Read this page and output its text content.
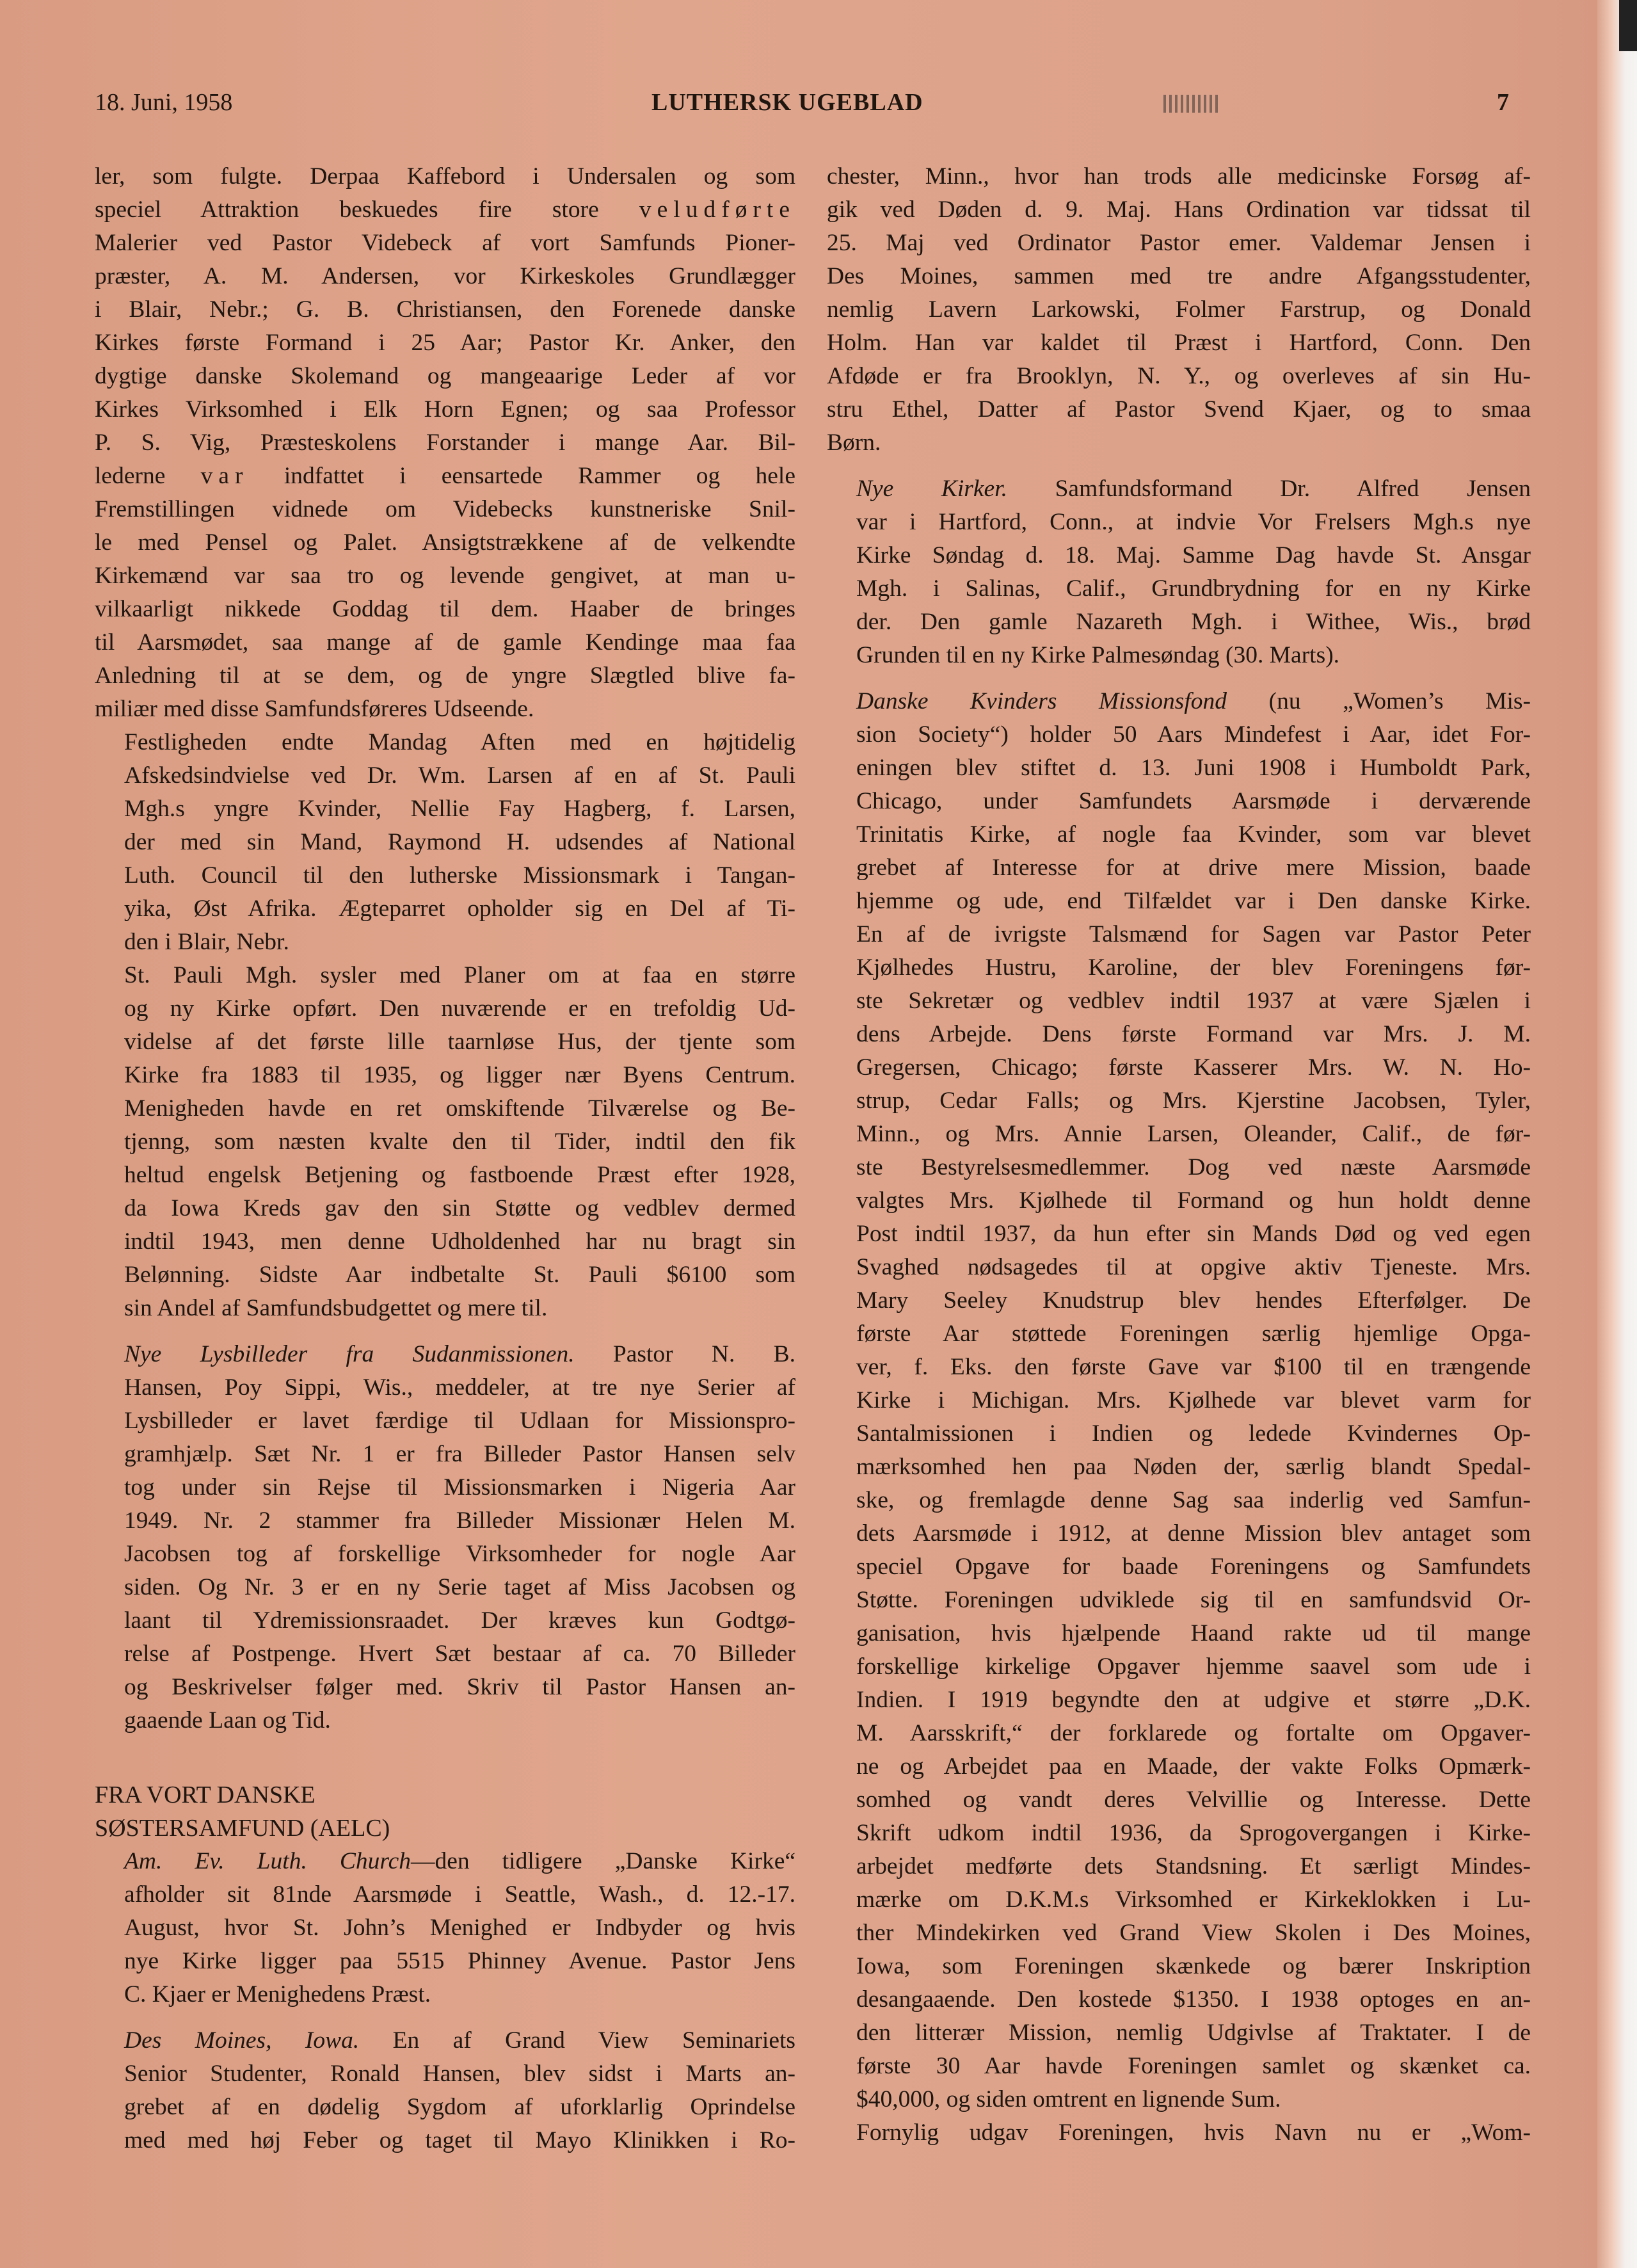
18. Juni, 1958	LUTHERSK UGEBLAD	7

ler, som fulgte. Derpaa Kaffebord i Undersalen og som
speciel Attraktion beskuedes fire store veludførte
Malerier ved Pastor Videbeck af vort Samfunds Pioner-
præster, A. M. Andersen, vor Kirkeskoles Grundlægger
i Blair, Nebr.; G. B. Christiansen, den Forenede danske
Kirkes første Formand i 25 Aar; Pastor Kr. Anker, den
dygtige danske Skolemand og mangeaarige Leder af vor
Kirkes Virksomhed i Elk Horn Egnen; og saa Professor
P. S. Vig, Præsteskolens Forstander i mange Aar. Bil-
lederne var indfattet i eensartede Rammer og hele
Fremstillingen vidnede om Videbecks kunstneriske Snil-
le med Pensel og Palet. Ansigtstrækkene af de velkendte
Kirkemænd var saa tro og levende gengivet, at man u-
vilkaarligt nikkede Goddag til dem. Haaber de bringes
til Aarsmødet, saa mange af de gamle Kendinge maa faa
Anledning til at se dem, og de yngre Slægtled blive fa-
miliær med disse Samfundsføreres Udseende.

Festligheden endte Mandag Aften med en højtidelig
Afskedsindvielse ved Dr. Wm. Larsen af en af St. Pauli
Mgh.s yngre Kvinder, Nellie Fay Hagberg, f. Larsen,
der med sin Mand, Raymond H. udsendes af National
Luth. Council til den lutherske Missionsmark i Tangan-
yika, Øst Afrika. Ægteparret opholder sig en Del af Ti-
den i Blair, Nebr.

St. Pauli Mgh. sysler med Planer om at faa en større
og ny Kirke opført. Den nuværende er en trefoldig Ud-
videlse af det første lille taarnløse Hus, der tjente som
Kirke fra 1883 til 1935, og ligger nær Byens Centrum.
Menigheden havde en ret omskiftende Tilværelse og Be-
tjenng, som næsten kvalte den til Tider, indtil den fik
heltud engelsk Betjening og fastboende Præst efter 1928,
da Iowa Kreds gav den sin Støtte og vedblev dermed
indtil 1943, men denne Udholdenhed har nu bragt sin
Belønning. Sidste Aar indbetalte St. Pauli $6100 som
sin Andel af Samfundsbudgettet og mere til.

Nye Lysbilleder fra Sudanmissionen. Pastor N. B.
Hansen, Poy Sippi, Wis., meddeler, at tre nye Serier af
Lysbilleder er lavet færdige til Udlaan for Missionspro-
gramhjælp. Sæt Nr. 1 er fra Billeder Pastor Hansen selv
tog under sin Rejse til Missionsmarken i Nigeria Aar
1949. Nr. 2 stammer fra Billeder Missionær Helen M.
Jacobsen tog af forskellige Virksomheder for nogle Aar
siden. Og Nr. 3 er en ny Serie taget af Miss Jacobsen og
laant til Ydremissionsraadet. Der kræves kun Godtgø-
relse af Postpenge. Hvert Sæt bestaar af ca. 70 Billeder
og Beskrivelser følger med. Skriv til Pastor Hansen an-
gaaende Laan og Tid.

FRA VORT DANSKE
SØSTERSAMFUND (AELC)

Am. Ev. Luth. Church—den tidligere „Danske Kirke“
afholder sit 81nde Aarsmøde i Seattle, Wash., d. 12.-17.
August, hvor St. John’s Menighed er Indbyder og hvis
nye Kirke ligger paa 5515 Phinney Avenue. Pastor Jens
C. Kjaer er Menighedens Præst.

Des Moines, Iowa. En af Grand View Seminariets
Senior Studenter, Ronald Hansen, blev sidst i Marts an-
grebet af en dødelig Sygdom af uforklarlig Oprindelse
med med høj Feber og taget til Mayo Klinikken i Ro-

chester, Minn., hvor han trods alle medicinske Forsøg af-
gik ved Døden d. 9. Maj. Hans Ordination var tidssat til
25. Maj ved Ordinator Pastor emer. Valdemar Jensen i
Des Moines, sammen med tre andre Afgangsstudenter,
nemlig Lavern Larkowski, Folmer Farstrup, og Donald
Holm. Han var kaldet til Præst i Hartford, Conn. Den
Afdøde er fra Brooklyn, N. Y., og overleves af sin Hu-
stru Ethel, Datter af Pastor Svend Kjaer, og to smaa
Børn.

Nye Kirker. Samfundsformand Dr. Alfred Jensen
var i Hartford, Conn., at indvie Vor Frelsers Mgh.s nye
Kirke Søndag d. 18. Maj. Samme Dag havde St. Ansgar
Mgh. i Salinas, Calif., Grundbrydning for en ny Kirke
der. Den gamle Nazareth Mgh. i Withee, Wis., brød
Grunden til en ny Kirke Palmesøndag (30. Marts).

Danske Kvinders Missionsfond (nu „Women’s Mis-
sion Society“) holder 50 Aars Mindefest i Aar, idet For-
eningen blev stiftet d. 13. Juni 1908 i Humboldt Park,
Chicago, under Samfundets Aarsmøde i derværende
Trinitatis Kirke, af nogle faa Kvinder, som var blevet
grebet af Interesse for at drive mere Mission, baade
hjemme og ude, end Tilfældet var i Den danske Kirke.
En af de ivrigste Talsmænd for Sagen var Pastor Peter
Kjølhedes Hustru, Karoline, der blev Foreningens før-
ste Sekretær og vedblev indtil 1937 at være Sjælen i
dens Arbejde. Dens første Formand var Mrs. J. M.
Gregersen, Chicago; første Kasserer Mrs. W. N. Ho-
strup, Cedar Falls; og Mrs. Kjerstine Jacobsen, Tyler,
Minn., og Mrs. Annie Larsen, Oleander, Calif., de før-
ste Bestyrelsesmedlemmer. Dog ved næste Aarsmøde
valgtes Mrs. Kjølhede til Formand og hun holdt denne
Post indtil 1937, da hun efter sin Mands Død og ved egen
Svaghed nødsagedes til at opgive aktiv Tjeneste. Mrs.
Mary Seeley Knudstrup blev hendes Efterfølger. De
første Aar støttede Foreningen særlig hjemlige Opga-
ver, f. Eks. den første Gave var $100 til en trængende
Kirke i Michigan. Mrs. Kjølhede var blevet varm for
Santalmissionen i Indien og ledede Kvindernes Op-
mærksomhed hen paa Nøden der, særlig blandt Spedal-
ske, og fremlagde denne Sag saa inderlig ved Samfun-
dets Aarsmøde i 1912, at denne Mission blev antaget som
speciel Opgave for baade Foreningens og Samfundets
Støtte. Foreningen udviklede sig til en samfundsvid Or-
ganisation, hvis hjælpende Haand rakte ud til mange
forskellige kirkelige Opgaver hjemme saavel som ude i
Indien. I 1919 begyndte den at udgive et større „D.K.
M. Aarsskrift,“ der forklarede og fortalte om Opgaver-
ne og Arbejdet paa en Maade, der vakte Folks Opmærk-
somhed og vandt deres Velvillie og Interesse. Dette
Skrift udkom indtil 1936, da Sprogovergangen i Kirke-
arbejdet medførte dets Standsning. Et særligt Mindes-
mærke om D.K.M.s Virksomhed er Kirkeklokken i Lu-
ther Mindekirken ved Grand View Skolen i Des Moines,
Iowa, som Foreningen skænkede og bærer Inskription
desangaaende. Den kostede $1350. I 1938 optoges en an-
den litterær Mission, nemlig Udgivlse af Traktater. I de
første 30 Aar havde Foreningen samlet og skænket ca.
$40,000, og siden omtrent en lignende Sum.

Fornylig udgav Foreningen, hvis Navn nu er „Wom-
